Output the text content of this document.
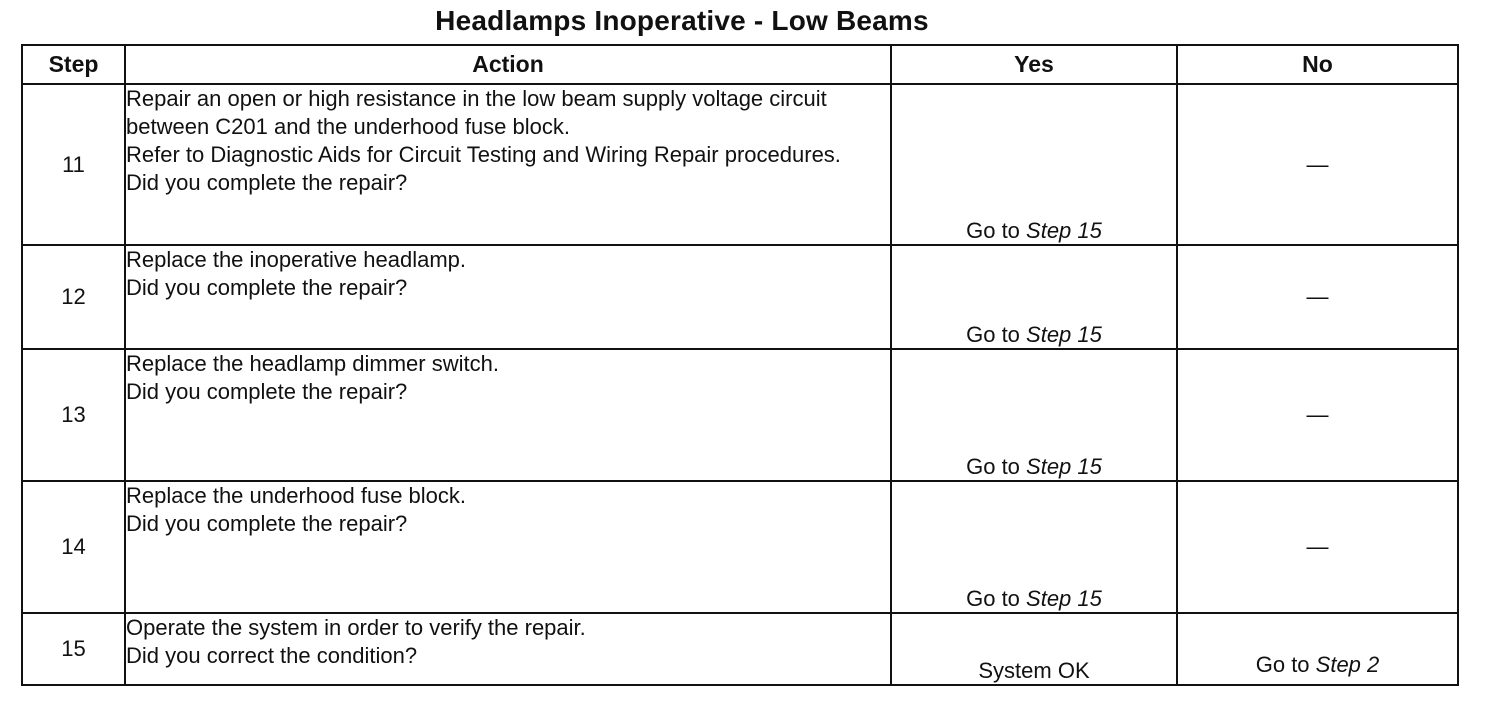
Headlamps Inoperative - Low Beams
Step	Action	Yes	No
11	Repair an open or high resistance in the low beam supply voltage circuit between C201 and the underhood fuse block.

Refer to Diagnostic Aids for Circuit Testing and Wiring Repair procedures.

Did you complete the repair?	Go to Step 15	—
12	Replace the inoperative headlamp.

Did you complete the repair?	Go to Step 15	—
13	Replace the headlamp dimmer switch.

Did you complete the repair?	Go to Step 15	—
14	Replace the underhood fuse block.

Did you complete the repair?	Go to Step 15	—
15	Operate the system in order to verify the repair.

Did you correct the condition?	System OK	Go to Step 2
